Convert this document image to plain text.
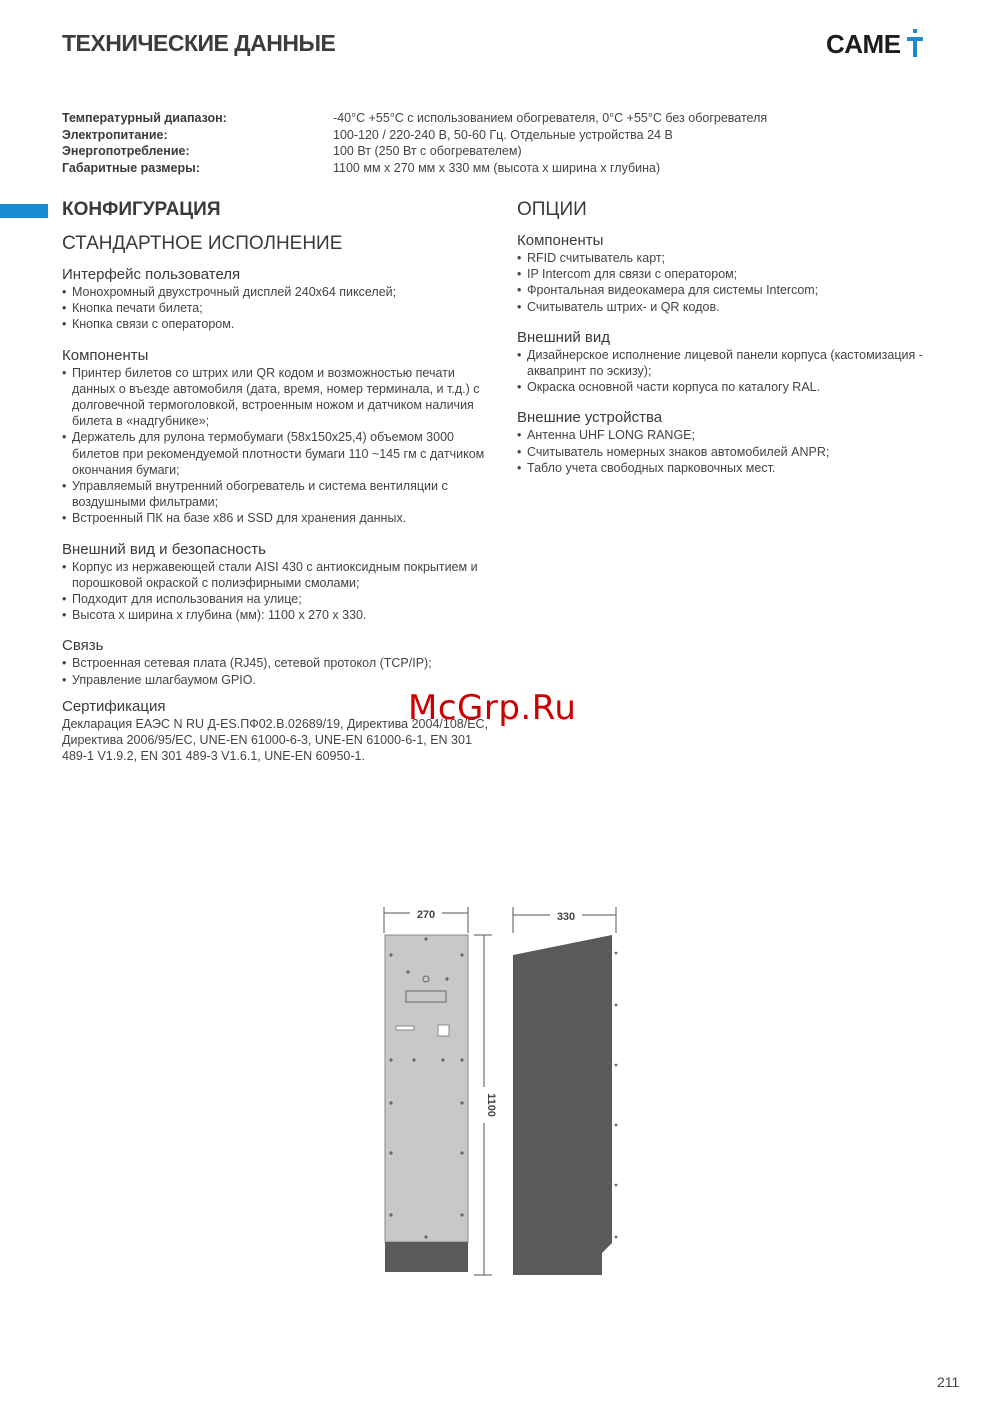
ТЕХНИЧЕСКИЕ ДАННЫЕ	CAME
Температурный диапазон:	-40°C +55°C с использованием обогревателя, 0°C +55°C без обогревателя
Электропитание:	100-120 / 220-240 В, 50-60 Гц. Отдельные устройства 24 В
Энергопотребление:	100 Вт (250 Вт с обогревателем)
Габаритные размеры:	1100 мм x 270 мм x 330 мм (высота х ширина х глубина)
КОНФИГУРАЦИЯ
СТАНДАРТНОЕ ИСПОЛНЕНИЕ
Интерфейс пользователя
• Монохромный двухстрочный дисплей 240x64 пикселей;
• Кнопка печати билета;
• Кнопка связи с оператором.
Компоненты
• Принтер билетов со штрих или QR кодом и возможностью печати данных о въезде автомобиля (дата, время, номер терминала, и т.д.) с долговечной термоголовкой, встроенным ножом и датчиком наличия билета в «надгубнике»;
• Держатель для рулона термобумаги (58x150x25,4) объемом 3000 билетов при рекомендуемой плотности бумаги 110 ~145 гм с датчиком окончания бумаги;
• Управляемый внутренний обогреватель и система вентиляции с воздушными фильтрами;
• Встроенный ПК на базе x86 и SSD для хранения данных.
Внешний вид и безопасность
• Корпус из нержавеющей стали AISI 430 с антиоксидным покрытием и порошковой окраской с полиэфирными смолами;
• Подходит для использования на улице;
• Высота x ширина x глубина (мм): 1100 x 270 x 330.
Связь
• Встроенная сетевая плата (RJ45), сетевой протокол (TCP/IP);
• Управление шлагбаумом GPIO.
Сертификация

Декларация ЕАЭС N RU Д-ES.ПФ02.В.02689/19, Директива 2004/108/EC, Директива 2006/95/EC, UNE-EN 61000-6-3, UNE-EN 61000-6-1, EN 301 489-1 V1.9.2, EN 301 489-3 V1.6.1, UNE-EN 60950-1.

ОПЦИИ
Компоненты
• RFID считыватель карт;
• IP Intercom для связи с оператором;
• Фронтальная видеокамера для системы Intercom;
• Считыватель штрих- и QR кодов.
Внешний вид
• Дизайнерское исполнение лицевой панели корпуса (кастомизация - аквапринт по эскизу);
• Окраска основной части корпуса по каталогу RAL.
Внешние устройства
• Антенна UHF LONG RANGE;
• Считыватель номерных знаков автомобилей ANPR;
• Табло учета свободных парковочных мест.
McGrp.Ru
270
1100
330
211
